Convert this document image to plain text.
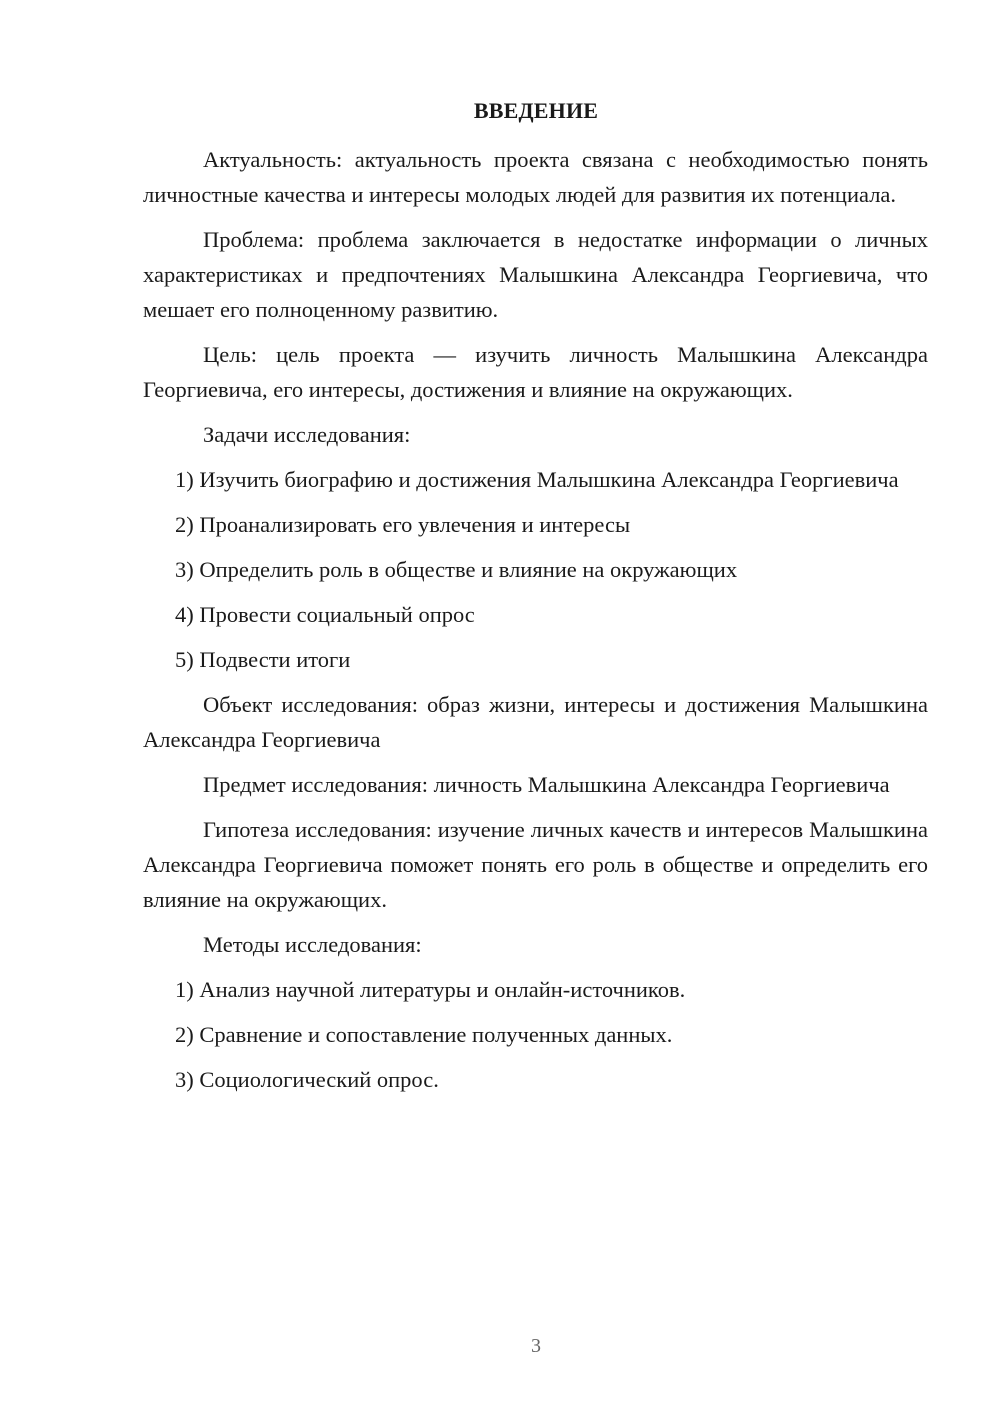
ВВЕДЕНИЕ

Актуальность: актуальность проекта связана с необходимостью понять личностные качества и интересы молодых людей для развития их потенциала.

Проблема: проблема заключается в недостатке информации о личных характеристиках и предпочтениях Малышкина Александра Георгиевича, что мешает его полноценному развитию.

Цель: цель проекта — изучить личность Малышкина Александра Георгиевича, его интересы, достижения и влияние на окружающих.

Задачи исследования:

1) Изучить биографию и достижения Малышкина Александра Георгиевича

2) Проанализировать его увлечения и интересы

3) Определить роль в обществе и влияние на окружающих

4) Провести социальный опрос

5) Подвести итоги

Объект исследования: образ жизни, интересы и достижения Малышкина Александра Георгиевича

Предмет исследования: личность Малышкина Александра Георгиевича

Гипотеза исследования: изучение личных качеств и интересов Малышкина Александра Георгиевича поможет понять его роль в обществе и определить его влияние на окружающих.

Методы исследования:

1) Анализ научной литературы и онлайн-источников.

2) Сравнение и сопоставление полученных данных.

3) Социологический опрос.

3
